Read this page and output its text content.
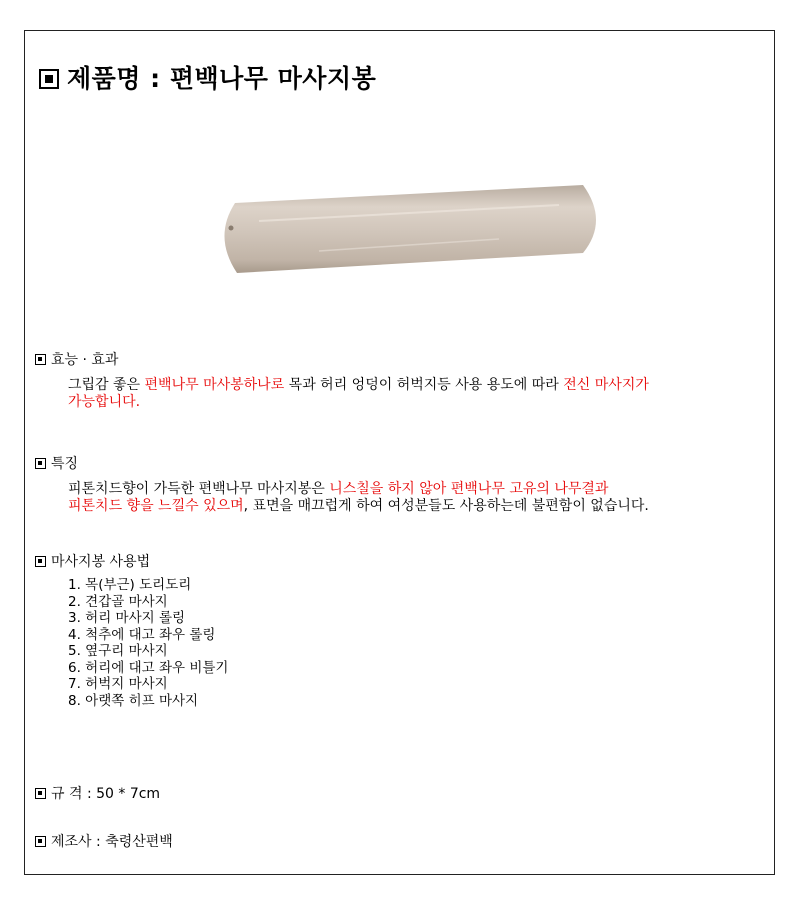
제품명 : 편백나무 마사지봉
효능 · 효과
그립감 좋은 편백나무 마사봉하나로 목과 허리 엉덩이 허벅지등 사용 용도에 따라 전신 마사지가
가능합니다.
특징
피톤치드향이 가득한 편백나무 마사지봉은 니스칠을 하지 않아 편백나무 고유의 나무결과
피톤치드 향을 느낄수 있으며, 표면을 매끄럽게 하여 여성분들도 사용하는데 불편함이 없습니다.
마사지봉 사용법
1. 목(부근) 도리도리
2. 견갑골 마사지
3. 허리 마사지 롤링
4. 척추에 대고 좌우 롤링
5. 옆구리 마사지
6. 허리에 대고 좌우 비틀기
7. 허벅지 마사지
8. 아랫쪽 히프 마사지
규 격 : 50 * 7cm
제조사 : 축령산편백
